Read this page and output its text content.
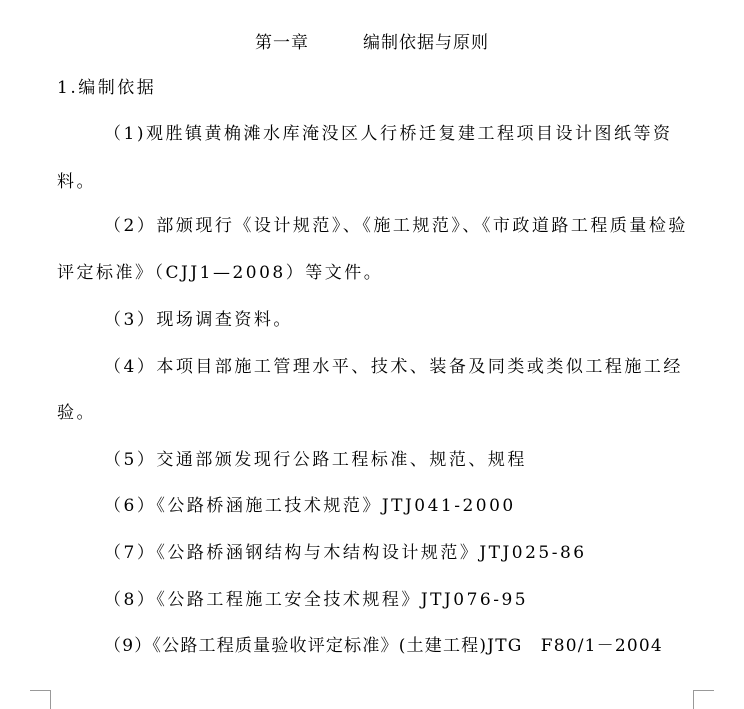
第一章　　　编制依据与原则
1.编制依据
（1)观胜镇黄桷滩水库淹没区人行桥迁复建工程项目设计图纸等资
料。
（2）部颁现行《设计规范》、《施工规范》、《市政道路工程质量检验
评定标准》（CJJ1—2008）等文件。
（3）现场调查资料。
（4）本项目部施工管理水平、技术、装备及同类或类似工程施工经
验。
（5）交通部颁发现行公路工程标准、规范、规程
（6）《公路桥涵施工技术规范》JTJ041-2000
（7）《公路桥涵钢结构与木结构设计规范》JTJ025-86
（8）《公路工程施工安全技术规程》JTJ076-95
（9）《公路工程质量验收评定标准》(土建工程)JTG　F80/1－2004
